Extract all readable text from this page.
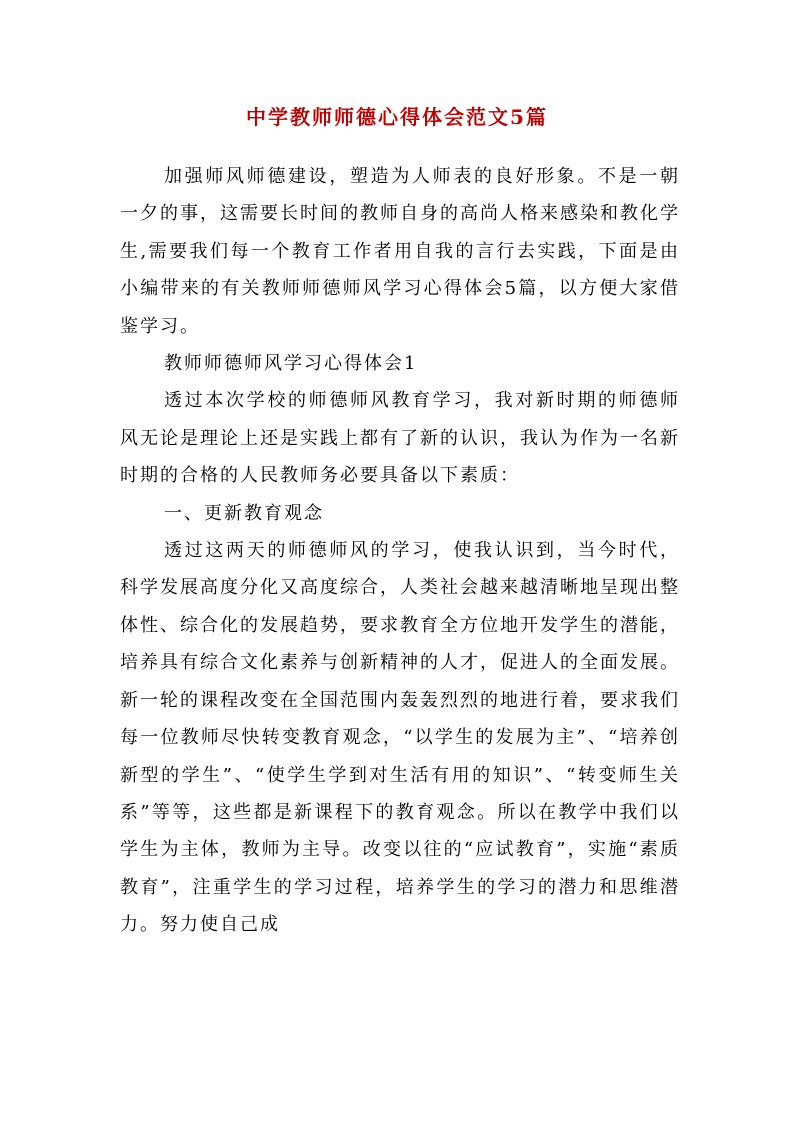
中学教师师德心得体会范文5篇

加强师风师德建设，塑造为人师表的良好形象。不是一朝一夕的事，这需要长时间的教师自身的高尚人格来感染和教化学生,需要我们每一个教育工作者用自我的言行去实践，下面是由小编带来的有关教师师德师风学习心得体会5篇，以方便大家借鉴学习。

教师师德师风学习心得体会1

透过本次学校的师德师风教育学习，我对新时期的师德师风无论是理论上还是实践上都有了新的认识，我认为作为一名新时期的合格的人民教师务必要具备以下素质：

一、更新教育观念

透过这两天的师德师风的学习，使我认识到，当今时代，科学发展高度分化又高度综合，人类社会越来越清晰地呈现出整体性、综合化的发展趋势，要求教育全方位地开发学生的潜能，培养具有综合文化素养与创新精神的人才，促进人的全面发展。新一轮的课程改变在全国范围内轰轰烈烈的地进行着，要求我们每一位教师尽快转变教育观念，“以学生的发展为主”、“培养创新型的学生”、“使学生学到对生活有用的知识”、“转变师生关系”等等，这些都是新课程下的教育观念。所以在教学中我们以学生为主体，教师为主导。改变以往的“应试教育”，实施“素质教育”，注重学生的学习过程，培养学生的学习的潜力和思维潜力。努力使自己成
